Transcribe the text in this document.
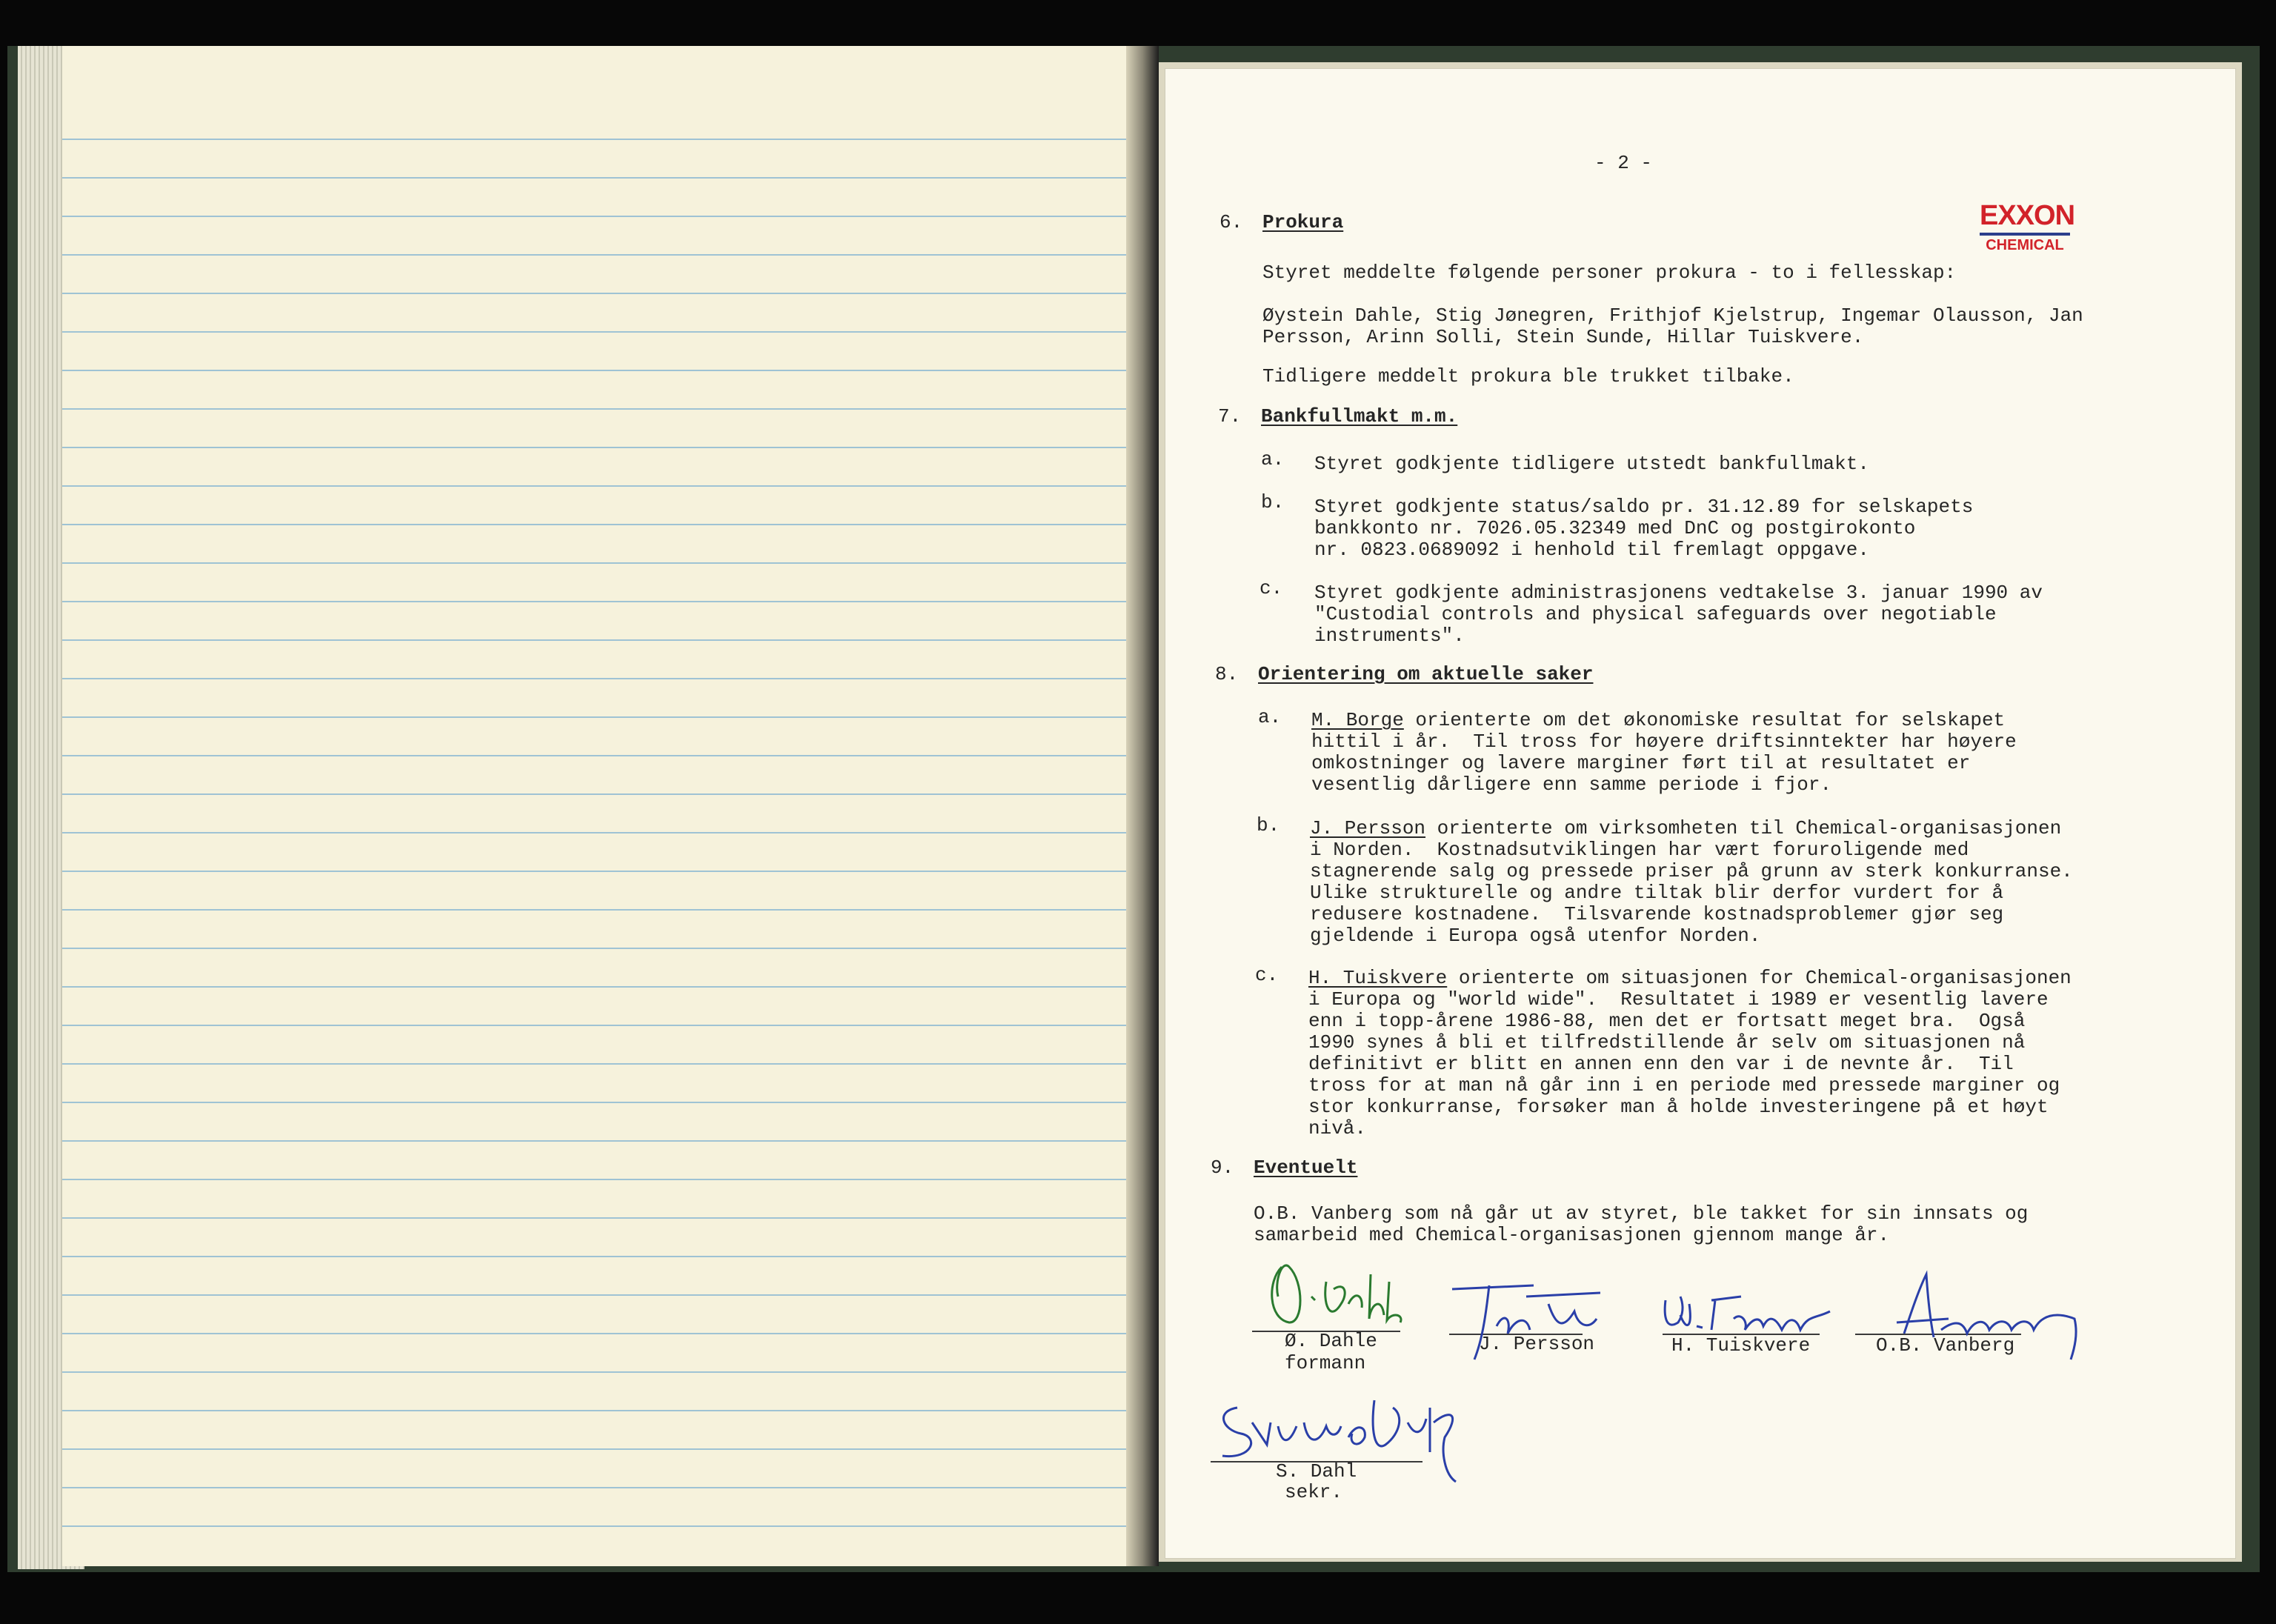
- 2 -
EXXON
CHEMICAL
6. Prokura
Styret meddelte følgende personer prokura - to i fellesskap:
Øystein Dahle, Stig Jønegren, Frithjof Kjelstrup, Ingemar Olausson, Jan
Persson, Arinn Solli, Stein Sunde, Hillar Tuiskvere.
Tidligere meddelt prokura ble trukket tilbake.
7. Bankfullmakt m.m.
a. Styret godkjente tidligere utstedt bankfullmakt.
b. Styret godkjente status/saldo pr. 31.12.89 for selskapets
bankkonto nr. 7026.05.32349 med DnC og postgirokonto
nr. 0823.0689092 i henhold til fremlagt oppgave.
c. Styret godkjente administrasjonens vedtakelse 3. januar 1990 av
"Custodial controls and physical safeguards over negotiable
instruments".
8. Orientering om aktuelle saker
a. M. Borge orienterte om det økonomiske resultat for selskapet
hittil i år.  Til tross for høyere driftsinntekter har høyere
omkostninger og lavere marginer ført til at resultatet er
vesentlig dårligere enn samme periode i fjor.
b. J. Persson orienterte om virksomheten til Chemical-organisasjonen
i Norden.  Kostnadsutviklingen har vært foruroligende med
stagnerende salg og pressede priser på grunn av sterk konkurranse.
Ulike strukturelle og andre tiltak blir derfor vurdert for å
redusere kostnadene.  Tilsvarende kostnadsproblemer gjør seg
gjeldende i Europa også utenfor Norden.
c. H. Tuiskvere orienterte om situasjonen for Chemical-organisasjonen
i Europa og "world wide".  Resultatet i 1989 er vesentlig lavere
enn i topp-årene 1986-88, men det er fortsatt meget bra.  Også
1990 synes å bli et tilfredstillende år selv om situasjonen nå
definitivt er blitt en annen enn den var i de nevnte år.  Til
tross for at man nå går inn i en periode med pressede marginer og
stor konkurranse, forsøker man å holde investeringene på et høyt
nivå.
9. Eventuelt
O.B. Vanberg som nå går ut av styret, ble takket for sin innsats og
samarbeid med Chemical-organisasjonen gjennom mange år.
Ø. Dahle
formann
J. Persson	H. Tuiskvere	O.B. Vanberg
S. Dahl
sekr.
